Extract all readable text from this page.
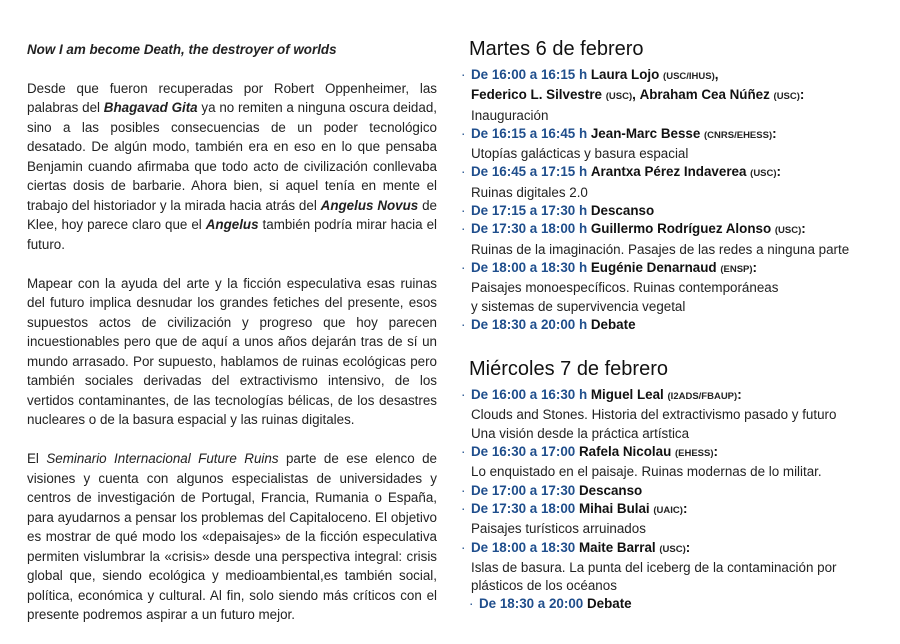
Now I am become Death, the destroyer of worlds

Desde que fueron recuperadas por Robert Oppenheimer, las palabras del Bhagavad Gita ya no remiten a ninguna oscura deidad, sino a las posibles consecuencias de un poder tecnológico desatado. De algún modo, también era en eso en lo que pensaba Benjamin cuando afirmaba que todo acto de civilización conllevaba ciertas dosis de barbarie. Ahora bien, si aquel tenía en mente el trabajo del historiador y la mirada hacia atrás del Angelus Novus de Klee, hoy parece claro que el Angelus también podría mirar hacia el futuro.

Mapear con la ayuda del arte y la ficción especulativa esas ruinas del futuro implica desnudar los grandes fetiches del presente, esos supuestos actos de civilización y progreso que hoy parecen incuestionables pero que de aquí a unos años dejarán tras de sí un mundo arrasado. Por supuesto, hablamos de ruinas ecológicas pero también sociales derivadas del extractivismo intensivo, de los vertidos contaminantes, de las tecnologías bélicas, de los desastres nucleares o de la basura espacial y las ruinas digitales.

El Seminario Internacional Future Ruins parte de ese elenco de visiones y cuenta con algunos especialistas de universidades y centros de investigación de Portugal, Francia, Rumania o España, para ayudarnos a pensar los problemas del Capitaloceno. El objetivo es mostrar de qué modo los «depaisajes» de la ficción especulativa permiten vislumbrar la «crisis» desde una perspectiva integral: crisis global que, siendo ecológica y medioambiental,es también social, política, económica y cultural. Al fin, solo siendo más críticos con el presente podremos aspirar a un futuro mejor.

Martes 6 de febrero
· De 16:00 a 16:15 h Laura Lojo (USC/IHUS),
Federico L. Silvestre (USC), Abraham Cea Núñez (USC):
Inauguración
· De 16:15 a 16:45 h Jean-Marc Besse (CNRS/EHESS):
Utopías galácticas y basura espacial
· De 16:45 a 17:15 h Arantxa Pérez Indaverea (USC):
Ruinas digitales 2.0
· De 17:15 a 17:30 h Descanso
· De 17:30 a 18:00 h Guillermo Rodríguez Alonso (USC):
Ruinas de la imaginación. Pasajes de las redes a ninguna parte
· De 18:00 a 18:30 h Eugénie Denarnaud (ENSP):
Paisajes monoespecíficos. Ruinas contemporáneas
y sistemas de supervivencia vegetal
· De 18:30 a 20:00 h Debate
Miércoles 7 de febrero
· De 16:00 a 16:30 h Miguel Leal (I2ADS/FBAUP):
Clouds and Stones. Historia del extractivismo pasado y futuro
Una visión desde la práctica artística
· De 16:30 a 17:00 Rafela Nicolau (EHESS):
Lo enquistado en el paisaje. Ruinas modernas de lo militar.
· De 17:00 a 17:30 Descanso
· De 17:30 a 18:00 Mihai Bulai (UAIC):
Paisajes turísticos arruinados
· De 18:00 a 18:30 Maite Barral (USC):
Islas de basura. La punta del iceberg de la contaminación por
plásticos de los océanos
· De 18:30 a 20:00 Debate
